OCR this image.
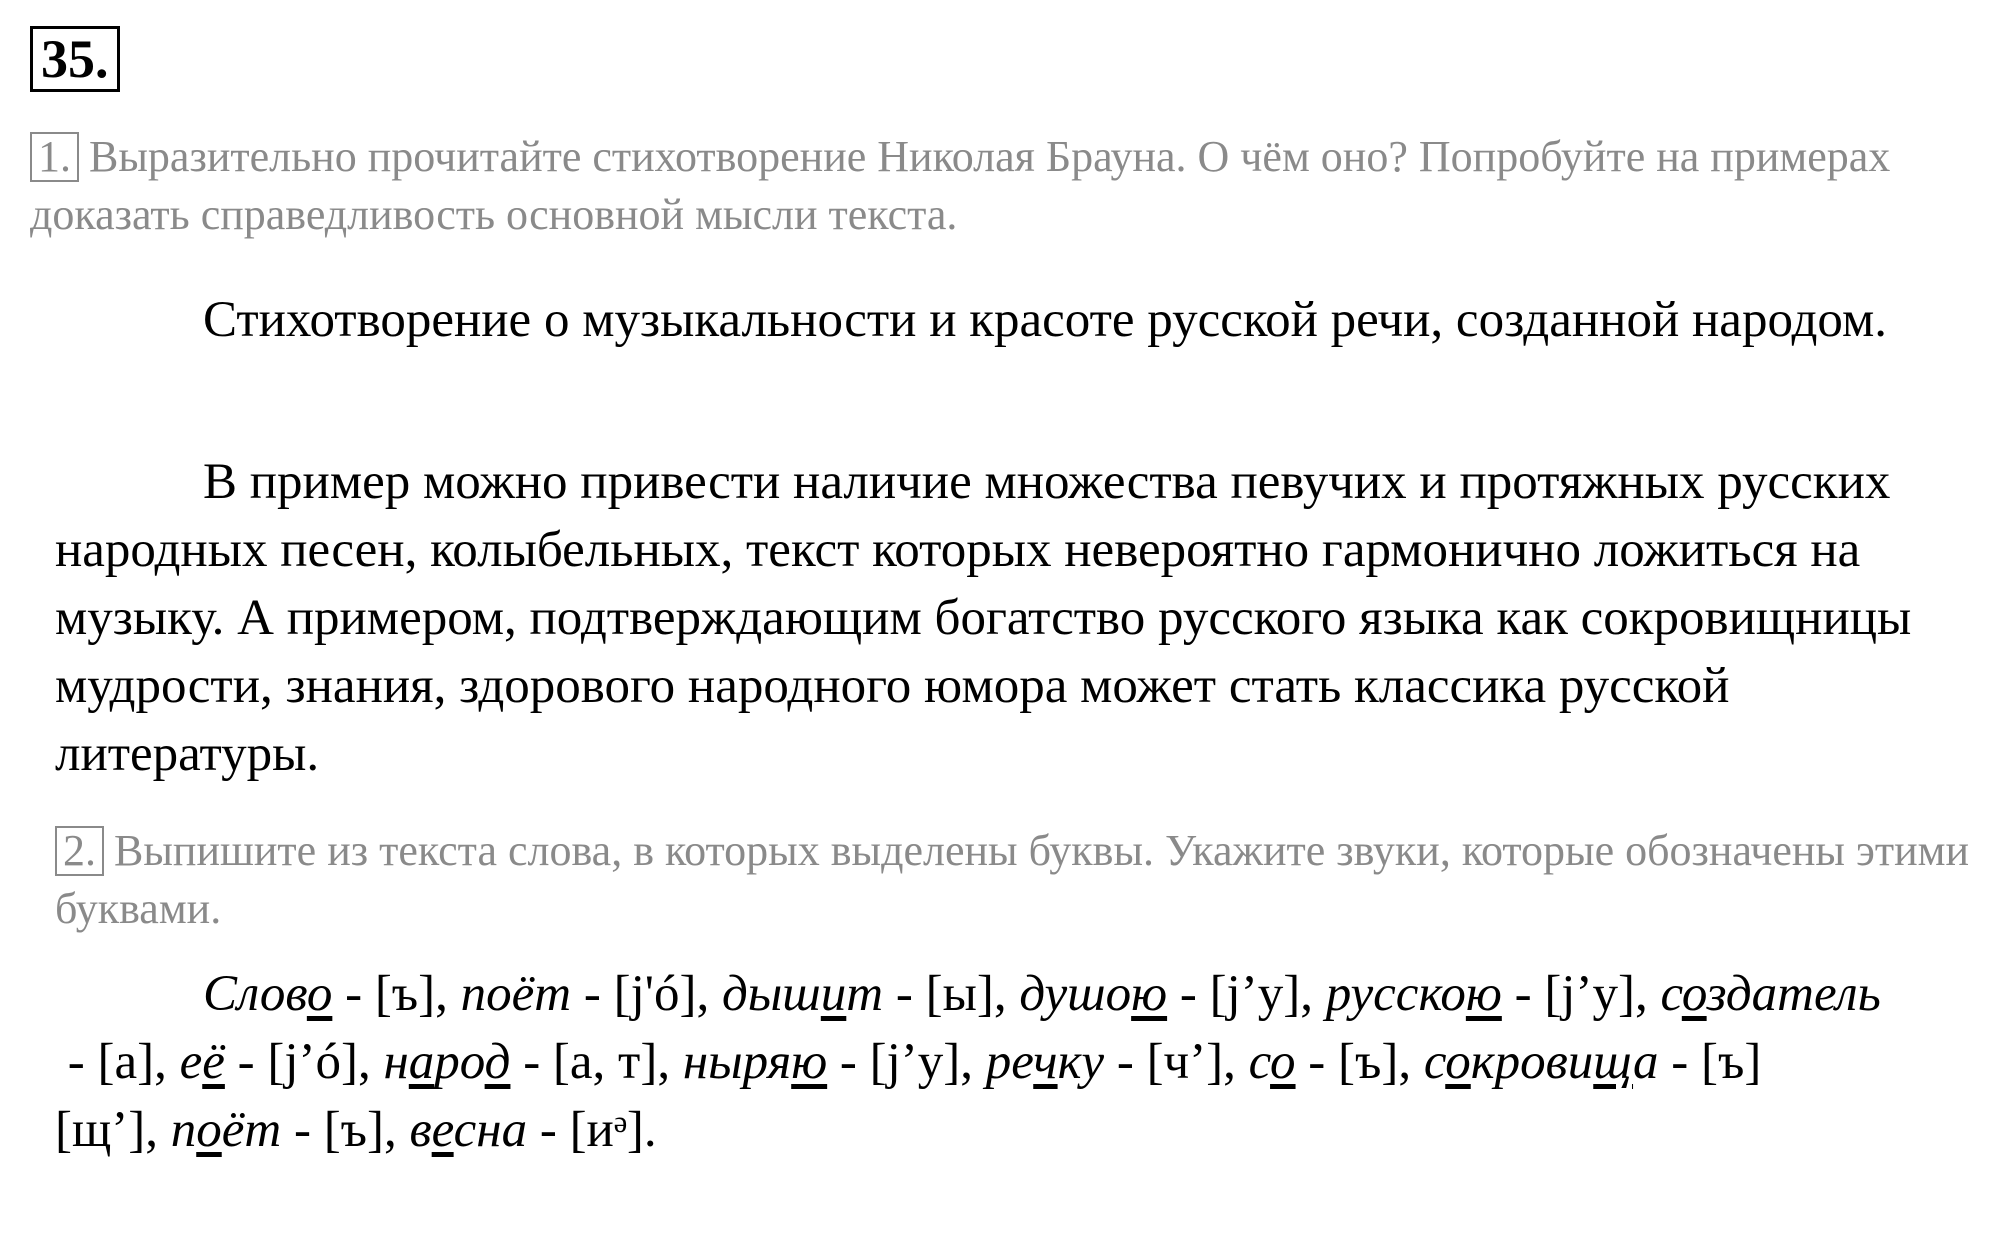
35.
1. Выразительно прочитайте стихотворение Николая Брауна. О чём оно? Попробуйте на примерах доказать справедливость основной мысли текста.

Стихотворение о музыкальности и красоте русской речи, созданной народом.

В пример можно привести наличие множества певучих и протяжных русских народных песен, колыбельных, текст которых невероятно гармонично ложиться на музыку. А примером, подтверждающим богатство русского языка как сокровищницы мудрости, знания, здорового народного юмора может стать классика русской литературы.

2. Выпишите из текста слова, в которых выделены буквы. Укажите звуки, которые обозначены этими буквами.

Слово - [ъ], поёт - [j'ó], дышит - [ы], душою - [j’у], русскою - [j’у], создатель - [а], её - [j’ó], народ - [а, т], ныряю - [j’у], речку - [ч’], со - [ъ], сокровища - [ъ] [щ’], поёт - [ъ], весна - [иᵊ].
